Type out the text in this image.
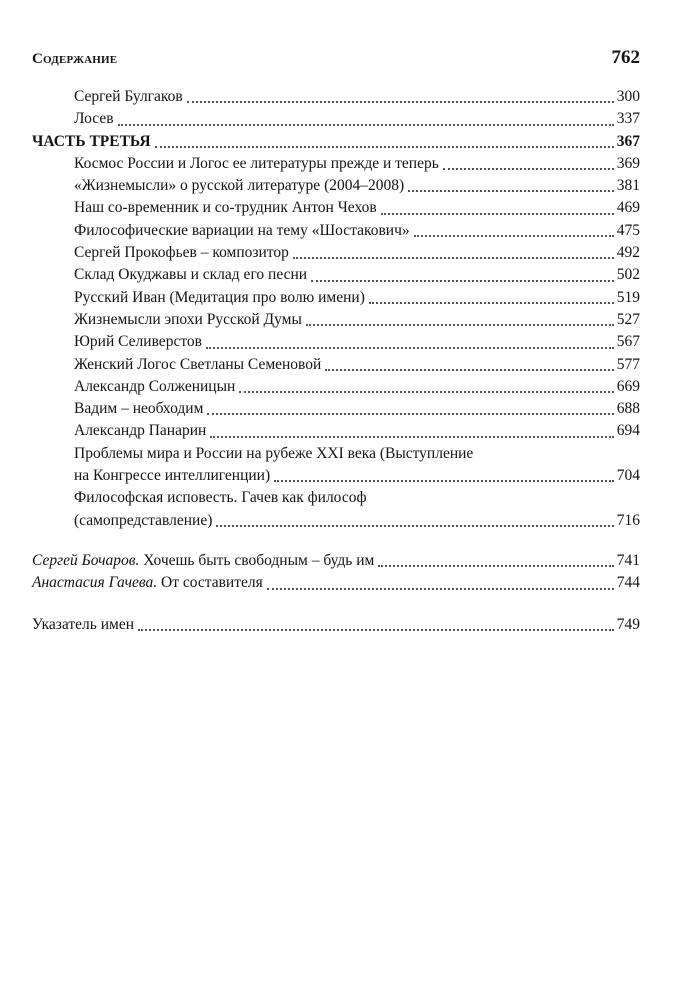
Содержание	762
Сергей Булгаков	300
Лосев	337
ЧАСТЬ ТРЕТЬЯ	367
Космос России и Логос ее литературы прежде и теперь	369
«Жизнемысли» о русской литературе (2004–2008)	381
Наш со-временник и со-трудник Антон Чехов	469
Философические вариации на тему «Шостакович»	475
Сергей Прокофьев – композитор	492
Склад Окуджавы и склад его песни	502
Русский Иван (Медитация про волю имени)	519
Жизнемысли эпохи Русской Думы	527
Юрий Селиверстов	567
Женский Логос Светланы Семеновой	577
Александр Солженицын	669
Вадим – необходим	688
Александр Панарин	694
Проблемы мира и России на рубеже XXI века (Выступление
на Конгрессе интеллигенции)	704
Философская исповесть. Гачев как философ
(самопредставление)	716
Сергей Бочаров. Хочешь быть свободным – будь им	741
Анастасия Гачева. От составителя	744
Указатель имен	749
